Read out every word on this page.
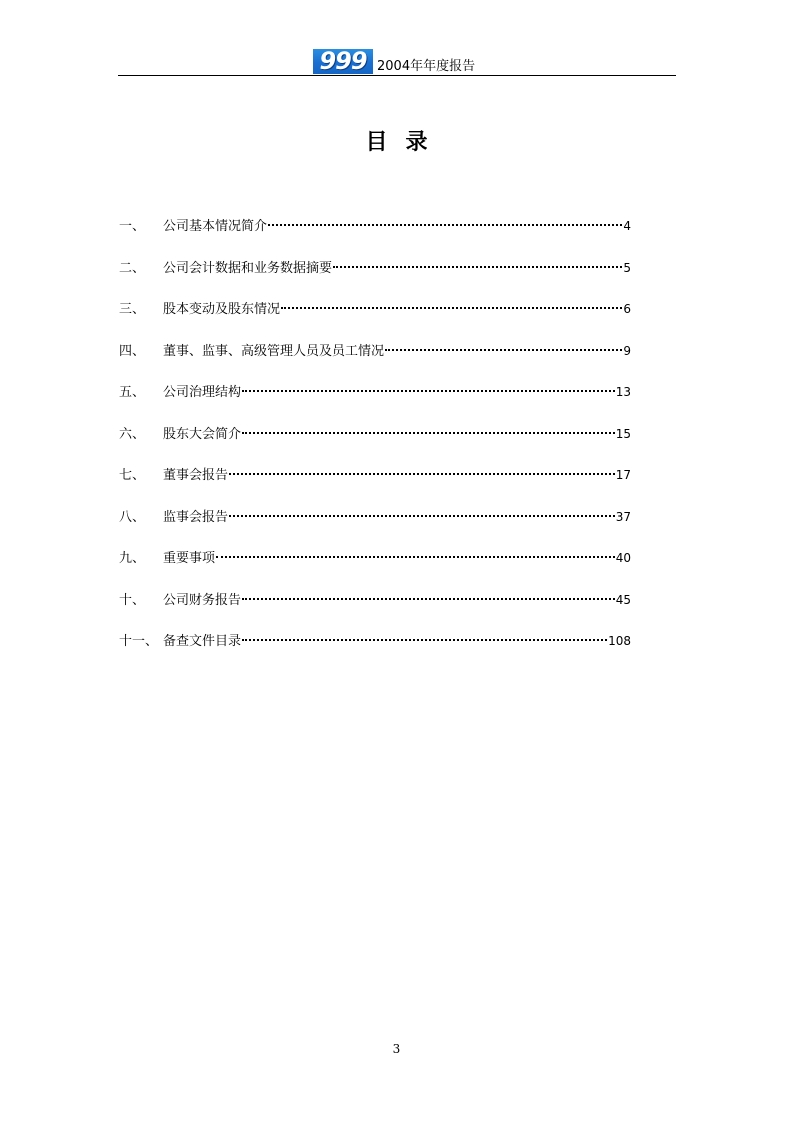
999 2004年年度报告
目录
一、	公司基本情况简介	4
二、	公司会计数据和业务数据摘要	5
三、	股本变动及股东情况	6
四、	董事、监事、高级管理人员及员工情况	9
五、	公司治理结构	13
六、	股东大会简介	15
七、	董事会报告	17
八、	监事会报告	37
九、	重要事项	40
十、	公司财务报告	45
十一、 备查文件目录	108
3
